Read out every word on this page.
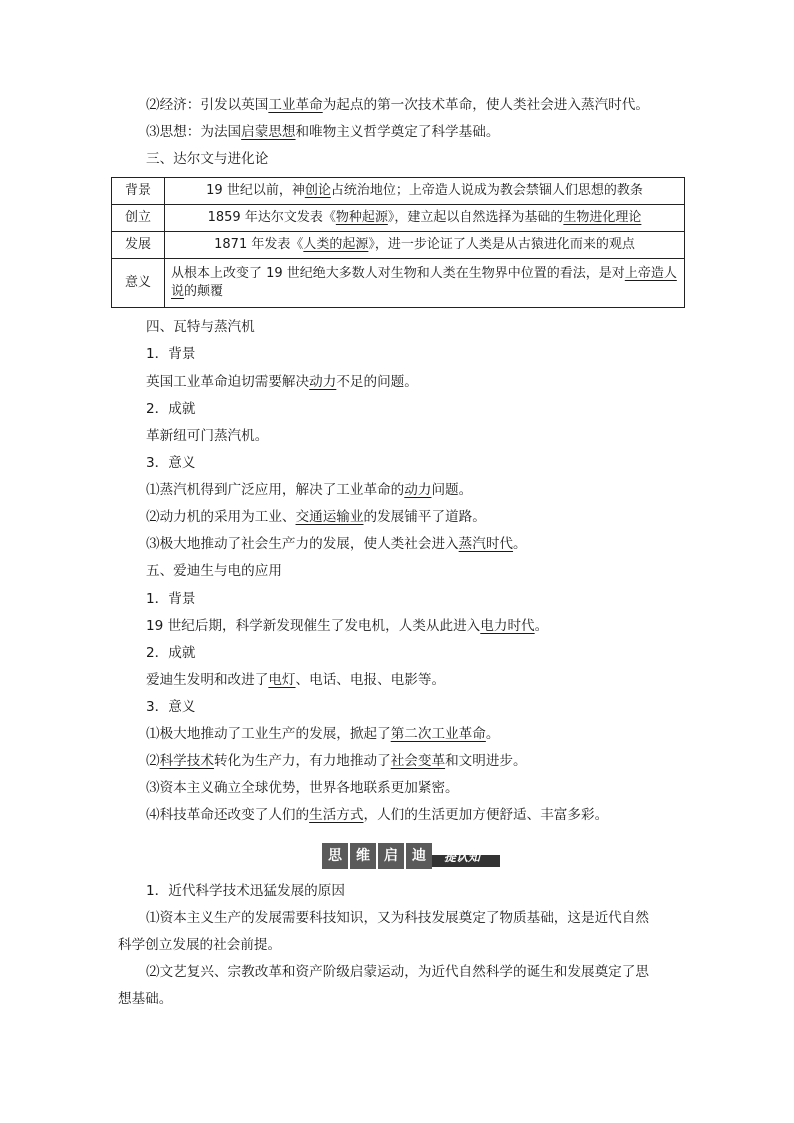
⑵经济：引发以英国工业革命为起点的第一次技术革命，使人类社会进入蒸汽时代。
⑶思想：为法国启蒙思想和唯物主义哲学奠定了科学基础。
三、达尔文与进化论
背景	19 世纪以前，神创论占统治地位；上帝造人说成为教会禁锢人们思想的教条
创立	1859 年达尔文发表《物种起源》，建立起以自然选择为基础的生物进化理论
发展	1871 年发表《人类的起源》，进一步论证了人类是从古猿进化而来的观点
意义	从根本上改变了 19 世纪绝大多数人对生物和人类在生物界中位置的看法，是对上帝造人说的颠覆
四、瓦特与蒸汽机
1．背景
英国工业革命迫切需要解决动力不足的问题。
2．成就
革新纽可门蒸汽机。
3．意义
⑴蒸汽机得到广泛应用，解决了工业革命的动力问题。
⑵动力机的采用为工业、交通运输业的发展铺平了道路。
⑶极大地推动了社会生产力的发展，使人类社会进入蒸汽时代。
五、爱迪生与电的应用
1．背景
19 世纪后期，科学新发现催生了发电机，人类从此进入电力时代。
2．成就
爱迪生发明和改进了电灯、电话、电报、电影等。
3．意义
⑴极大地推动了工业生产的发展，掀起了第二次工业革命。
⑵科学技术转化为生产力，有力地推动了社会变革和文明进步。
⑶资本主义确立全球优势，世界各地联系更加紧密。
⑷科技革命还改变了人们的生活方式，人们的生活更加方便舒适、丰富多彩。
思	维	启	迪	提认知
1．近代科学技术迅猛发展的原因
⑴资本主义生产的发展需要科技知识，又为科技发展奠定了物质基础，这是近代自然
科学创立发展的社会前提。
⑵文艺复兴、宗教改革和资产阶级启蒙运动，为近代自然科学的诞生和发展奠定了思
想基础。
